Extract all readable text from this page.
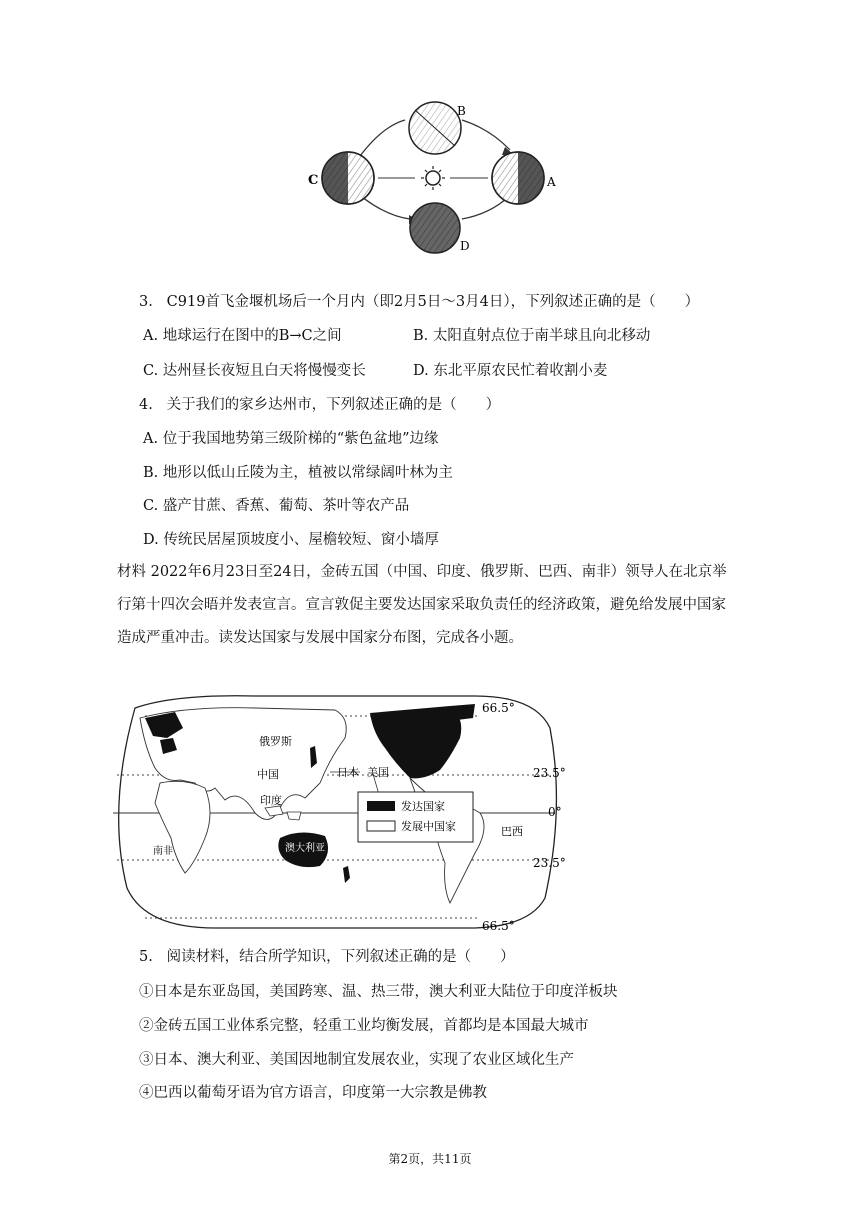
B
C	A
D
3.   C919首飞金堰机场后一个月内（即2月5日～3月4日），下列叙述正确的是（　　）
A. 地球运行在图中的B→C之间	B. 太阳直射点位于南半球且向北移动
C. 达州昼长夜短且白天将慢慢变长	D. 东北平原农民忙着收割小麦
4.   关于我们的家乡达州市，下列叙述正确的是（　　）
A. 位于我国地势第三级阶梯的“紫色盆地”边缘
B. 地形以低山丘陵为主，植被以常绿阔叶林为主
C. 盛产甘蔗、香蕉、葡萄、茶叶等农产品
D. 传统民居屋顶坡度小、屋檐较短、窗小墙厚
材料 2022年6月23日至24日，金砖五国（中国、印度、俄罗斯、巴西、南非）领导人在北京举行第十四次会晤并发表宣言。宣言敦促主要发达国家采取负责任的经济政策，避免给发展中国家造成严重冲击。读发达国家与发展中国家分布图，完成各小题。
66.5°
23.5°
0°
23.5°
66.5°
俄罗斯
中国	日本 美国
印度
巴西
澳大利亚
南非
发达国家
发展中国家
5.   阅读材料，结合所学知识，下列叙述正确的是（　　）
①日本是东亚岛国，美国跨寒、温、热三带，澳大利亚大陆位于印度洋板块
②金砖五国工业体系完整，轻重工业均衡发展，首都均是本国最大城市
③日本、澳大利亚、美国因地制宜发展农业，实现了农业区域化生产
④巴西以葡萄牙语为官方语言，印度第一大宗教是佛教
第2页，共11页
